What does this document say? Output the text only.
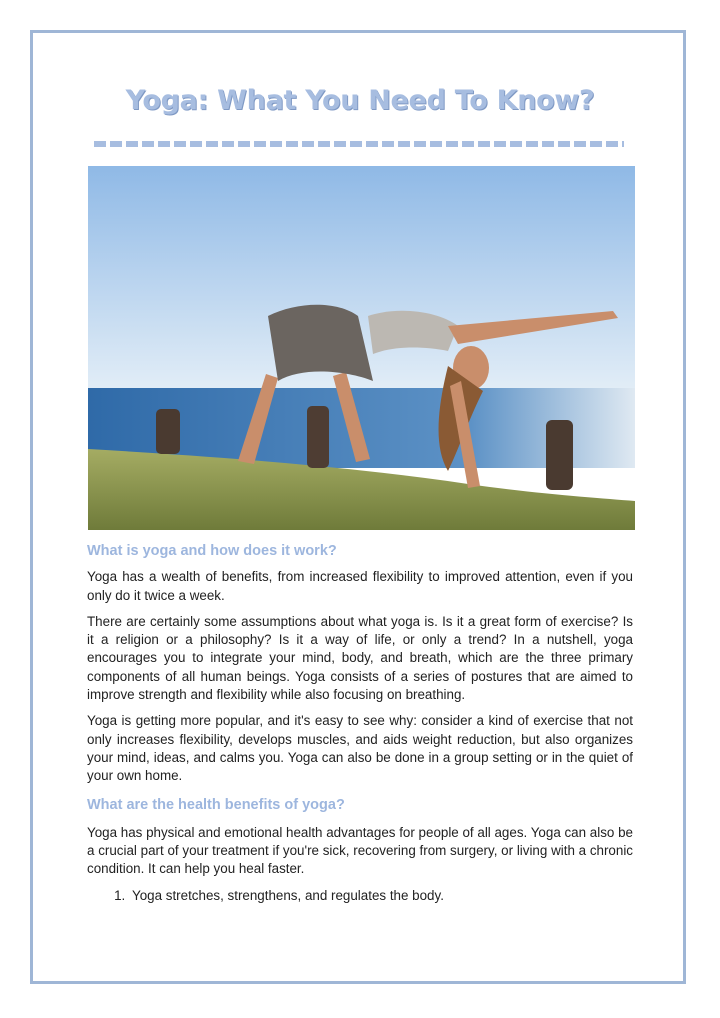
Yoga: What You Need To Know?
What is yoga and how does it work?

Yoga has a wealth of benefits, from increased flexibility to improved attention, even if you only do it twice a week.

There are certainly some assumptions about what yoga is. Is it a great form of exercise? Is it a religion or a philosophy? Is it a way of life, or only a trend? In a nutshell, yoga encourages you to integrate your mind, body, and breath, which are the three primary components of all human beings. Yoga consists of a series of postures that are aimed to improve strength and flexibility while also focusing on breathing.

Yoga is getting more popular, and it's easy to see why: consider a kind of exercise that not only increases flexibility, develops muscles, and aids weight reduction, but also organizes your mind, ideas, and calms you. Yoga can also be done in a group setting or in the quiet of your own home.

What are the health benefits of yoga?

Yoga has physical and emotional health advantages for people of all ages. Yoga can also be a crucial part of your treatment if you're sick, recovering from surgery, or living with a chronic condition. It can help you heal faster.

1. Yoga stretches, strengthens, and regulates the body.
